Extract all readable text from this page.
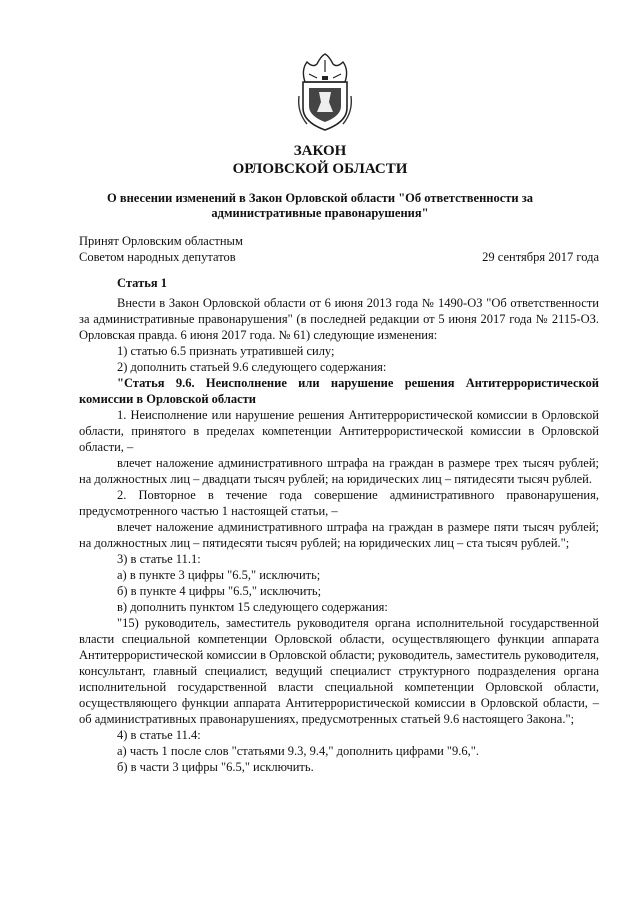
ЗАКОН
ОРЛОВСКОЙ ОБЛАСТИ
О внесении изменений в Закон Орловской области "Об ответственности за административные правонарушения"
Принят Орловским областным
Советом народных депутатов	29 сентября 2017 года

Статья 1

Внести в Закон Орловской области от 6 июня 2013 года № 1490-ОЗ "Об ответственности за административные правонарушения" (в последней редакции от 5 июня 2017 года № 2115-ОЗ. Орловская правда. 6 июня 2017 года. № 61) следующие изменения:

1) статью 6.5 признать утратившей силу;

2) дополнить статьей 9.6 следующего содержания:

"Статья 9.6. Неисполнение или нарушение решения Антитеррористической комиссии в Орловской области

1. Неисполнение или нарушение решения Антитеррористической комиссии в Орловской области, принятого в пределах компетенции Антитеррористической комиссии в Орловской области, –

влечет наложение административного штрафа на граждан в размере трех тысяч рублей; на должностных лиц – двадцати тысяч рублей; на юридических лиц – пятидесяти тысяч рублей.

2. Повторное в течение года совершение административного правонарушения, предусмотренного частью 1 настоящей статьи, –

влечет наложение административного штрафа на граждан в размере пяти тысяч рублей; на должностных лиц – пятидесяти тысяч рублей; на юридических лиц – ста тысяч рублей.";

3) в статье 11.1:

а) в пункте 3 цифры "6.5," исключить;

б) в пункте 4 цифры "6.5," исключить;

в) дополнить пунктом 15 следующего содержания:

"15) руководитель, заместитель руководителя органа исполнительной государственной власти специальной компетенции Орловской области, осуществляющего функции аппарата Антитеррористической комиссии в Орловской области; руководитель, заместитель руководителя, консультант, главный специалист, ведущий специалист структурного подразделения органа исполнительной государственной власти специальной компетенции Орловской области, осуществляющего функции аппарата Антитеррористической комиссии в Орловской области, – об административных правонарушениях, предусмотренных статьей 9.6 настоящего Закона.";

4) в статье 11.4:

а) часть 1 после слов "статьями 9.3, 9.4," дополнить цифрами "9.6,".

б) в части 3 цифры "6.5," исключить.
